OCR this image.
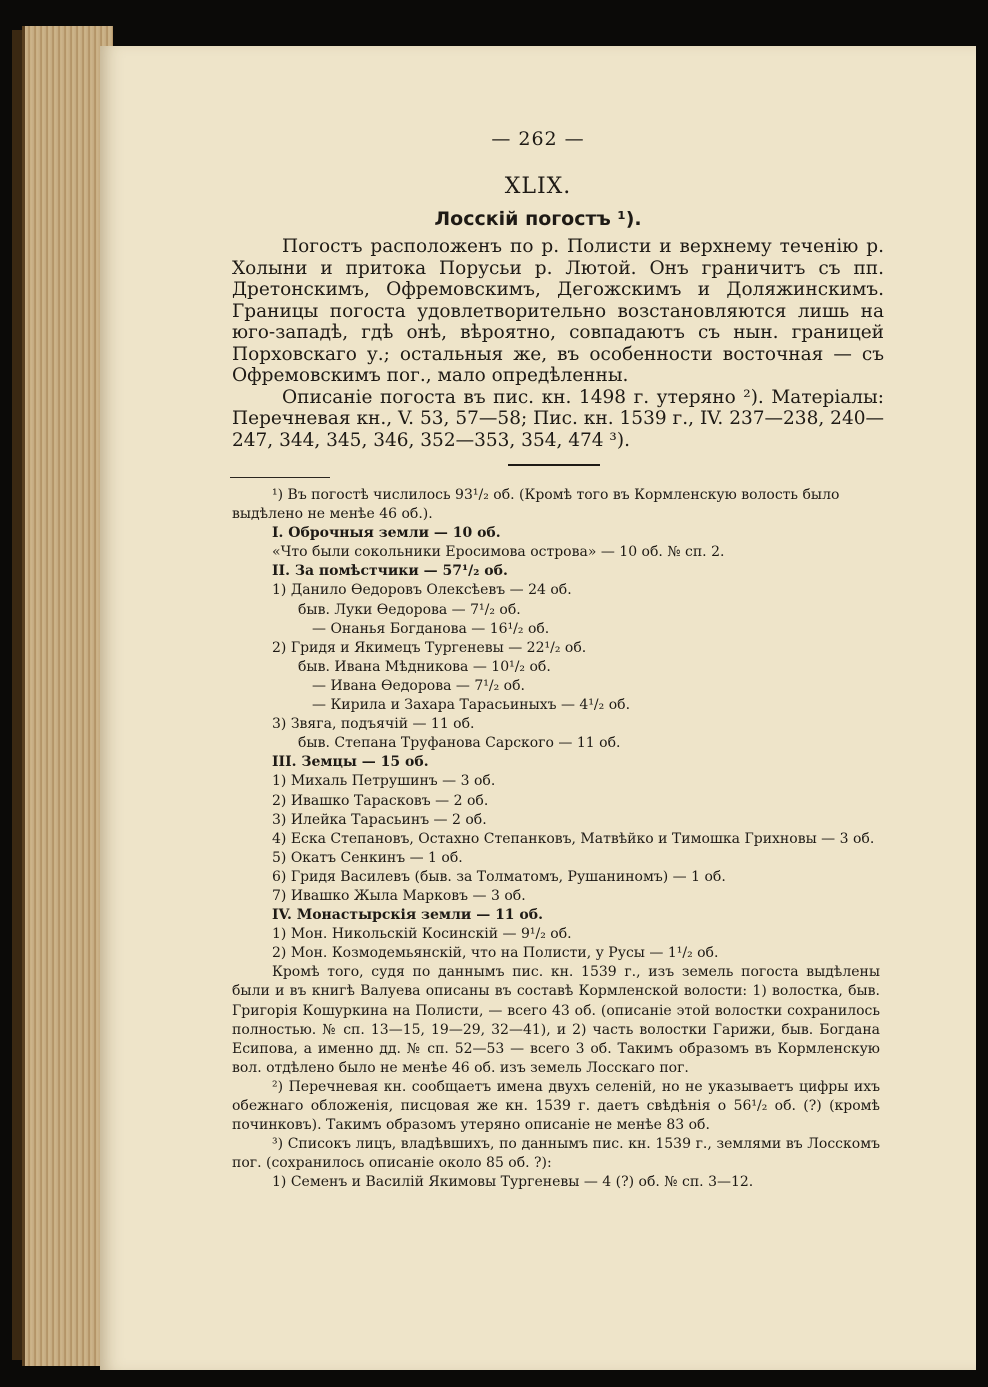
— 262 —
XLIX.
Лосскій погостъ ¹).

Погостъ расположенъ по р. Полисти и верхнему теченію р. Холыни и притока Порусьи р. Лютой. Онъ граничитъ съ пп. Дретонскимъ, Офремовскимъ, Дегожскимъ и Доляжинскимъ. Границы погоста удовлетворительно возстановляются лишь на юго-западѣ, гдѣ онѣ, вѣроятно, совпадаютъ съ нын. границей Порховскаго у.; остальныя же, въ особенности восточная — съ Офремовскимъ пог., мало опредѣленны.

Описаніе погоста въ пис. кн. 1498 г. утеряно ²). Матеріалы: Перечневая кн., V. 53, 57—58; Пис. кн. 1539 г., IV. 237—238, 240—247, 344, 345, 346, 352—353, 354, 474 ³).

¹) Въ погостѣ числилось 93¹/₂ об. (Кромѣ того въ Кормленскую волость было
выдѣлено не менѣе 46 об.).
I. Оброчныя земли — 10 об.
«Что были сокольники Еросимова острова» — 10 об. № сп. 2.
II. За помѣстчики — 57¹/₂ об.
1) Данило Өедоровъ Олексѣевъ — 24 об.
быв. Луки Өедорова — 7¹/₂ об.
— Онанья Богданова — 16¹/₂ об.
2) Гридя и Якимецъ Тургеневы — 22¹/₂ об.
быв. Ивана Мѣдникова — 10¹/₂ об.
— Ивана Өедорова — 7¹/₂ об.
— Кирила и Захара Тарасьиныхъ — 4¹/₂ об.
3) Звяга, подъячій — 11 об.
быв. Степана Труфанова Сарского — 11 об.
III. Земцы — 15 об.
1) Михаль Петрушинъ — 3 об.
2) Ивашко Тарасковъ — 2 об.
3) Илейка Тарасьинъ — 2 об.
4) Еска Степановъ, Остахно Степанковъ, Матвѣйко и Тимошка Грихновы — 3 об.
5) Окатъ Сенкинъ — 1 об.
6) Гридя Василевъ (быв. за Толматомъ, Рушаниномъ) — 1 об.
7) Ивашко Жыла Марковъ — 3 об.
IV. Монастырскія земли — 11 об.
1) Мон. Никольскій Косинскій — 9¹/₂ об.
2) Мон. Козмодемьянскій, что на Полисти, у Русы — 1¹/₂ об.

Кромѣ того, судя по даннымъ пис. кн. 1539 г., изъ земель погоста выдѣлены были и въ книгѣ Валуева описаны въ составѣ Кормленской волости: 1) волостка, быв. Григорія Кошуркина на Полисти, — всего 43 об. (описаніе этой волостки сохранилось полностью. № сп. 13—15, 19—29, 32—41), и 2) часть волостки Гарижи, быв. Богдана Есипова, а именно дд. № сп. 52—53 — всего 3 об. Такимъ образомъ въ Кормленскую вол. отдѣлено было не менѣе 46 об. изъ земель Лосскаго пог.

²) Перечневая кн. сообщаетъ имена двухъ селеній, но не указываетъ цифры ихъ обежнаго обложенія, писцовая же кн. 1539 г. даетъ свѣдѣнія о 56¹/₂ об. (?) (кромѣ починковъ). Такимъ образомъ утеряно описаніе не менѣе 83 об.

³) Списокъ лицъ, владѣвшихъ, по даннымъ пис. кн. 1539 г., землями въ Лосскомъ пог. (сохранилось описаніе около 85 об. ?):

1) Семенъ и Василій Якимовы Тургеневы — 4 (?) об. № сп. 3—12.
